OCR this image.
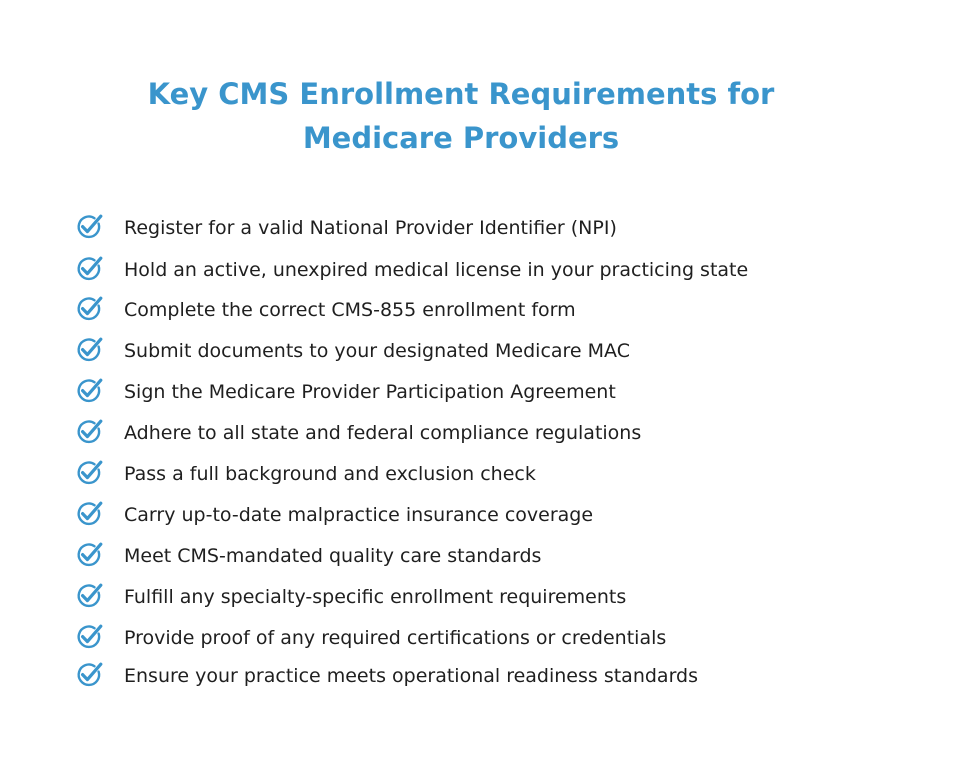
Key CMS Enrollment Requirements for
Medicare Providers
Register for a valid National Provider Identifier (NPI)
Hold an active, unexpired medical license in your practicing state
Complete the correct CMS-855 enrollment form
Submit documents to your designated Medicare MAC
Sign the Medicare Provider Participation Agreement
Adhere to all state and federal compliance regulations
Pass a full background and exclusion check
Carry up-to-date malpractice insurance coverage
Meet CMS-mandated quality care standards
Fulfill any specialty-specific enrollment requirements
Provide proof of any required certifications or credentials
Ensure your practice meets operational readiness standards
